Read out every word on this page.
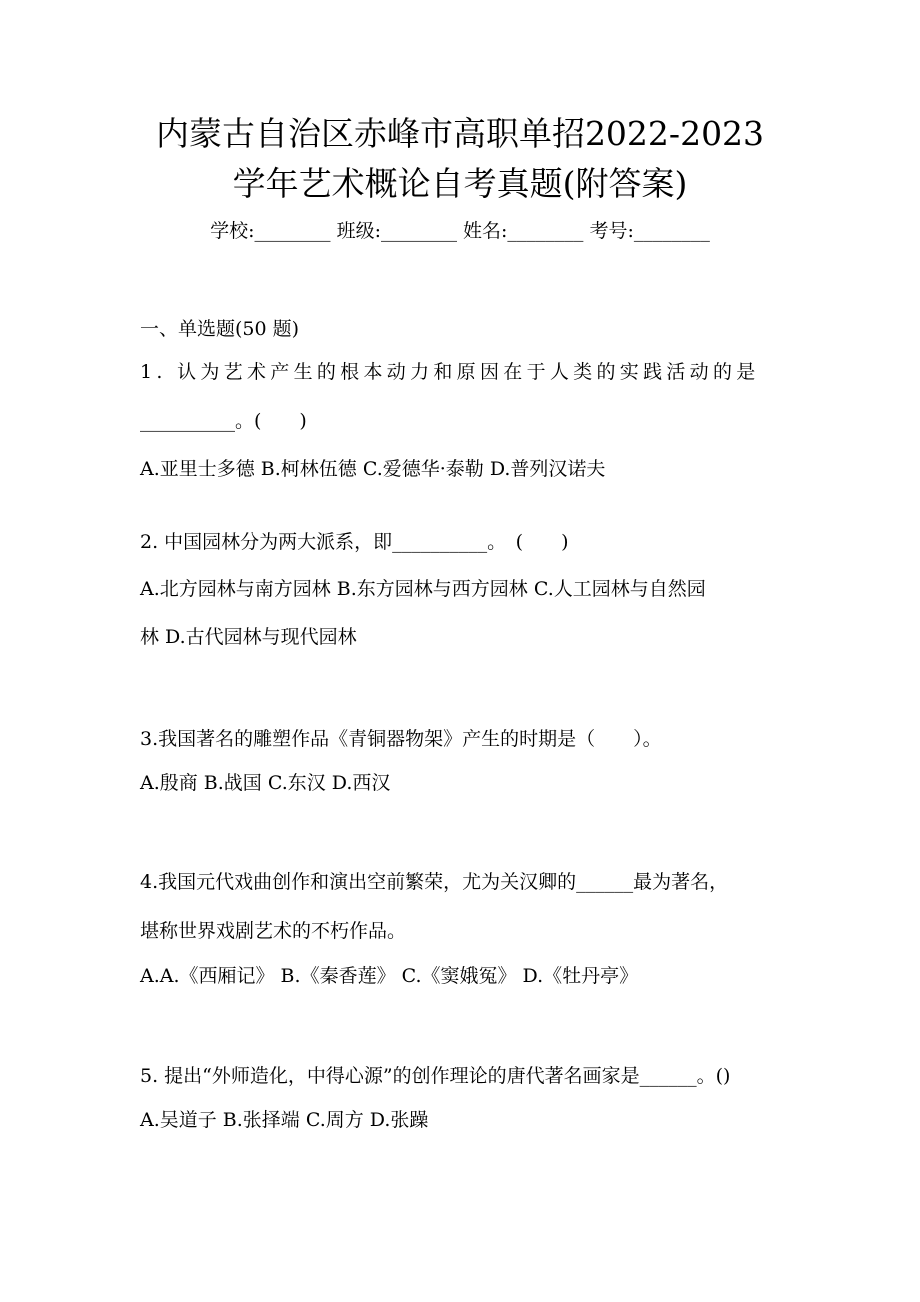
内蒙古自治区赤峰市高职单招2022-2023
学年艺术概论自考真题(附答案)
学校:________ 班级:________ 姓名:________ 考号:________
一、单选题(50 题)
1. 认为艺术产生的根本动力和原因在于人类的实践活动的是
__________。(　　)
A.亚里士多德 B.柯林伍德 C.爱德华·泰勒 D.普列汉诺夫
2. 中国园林分为两大派系，即__________。　(　　)
A.北方园林与南方园林 B.东方园林与西方园林 C.人工园林与自然园
林 D.古代园林与现代园林
3.我国著名的雕塑作品《青铜器物架》产生的时期是（　　）。
A.殷商 B.战国 C.东汉 D.西汉
4.我国元代戏曲创作和演出空前繁荣，尤为关汉卿的______最为著名，
堪称世界戏剧艺术的不朽作品。
A.A.《西厢记》 B.《秦香莲》 C.《窦娥冤》 D.《牡丹亭》
5. 提出“外师造化，中得心源”的创作理论的唐代著名画家是______。()
A.吴道子 B.张择端 C.周方 D.张躁
